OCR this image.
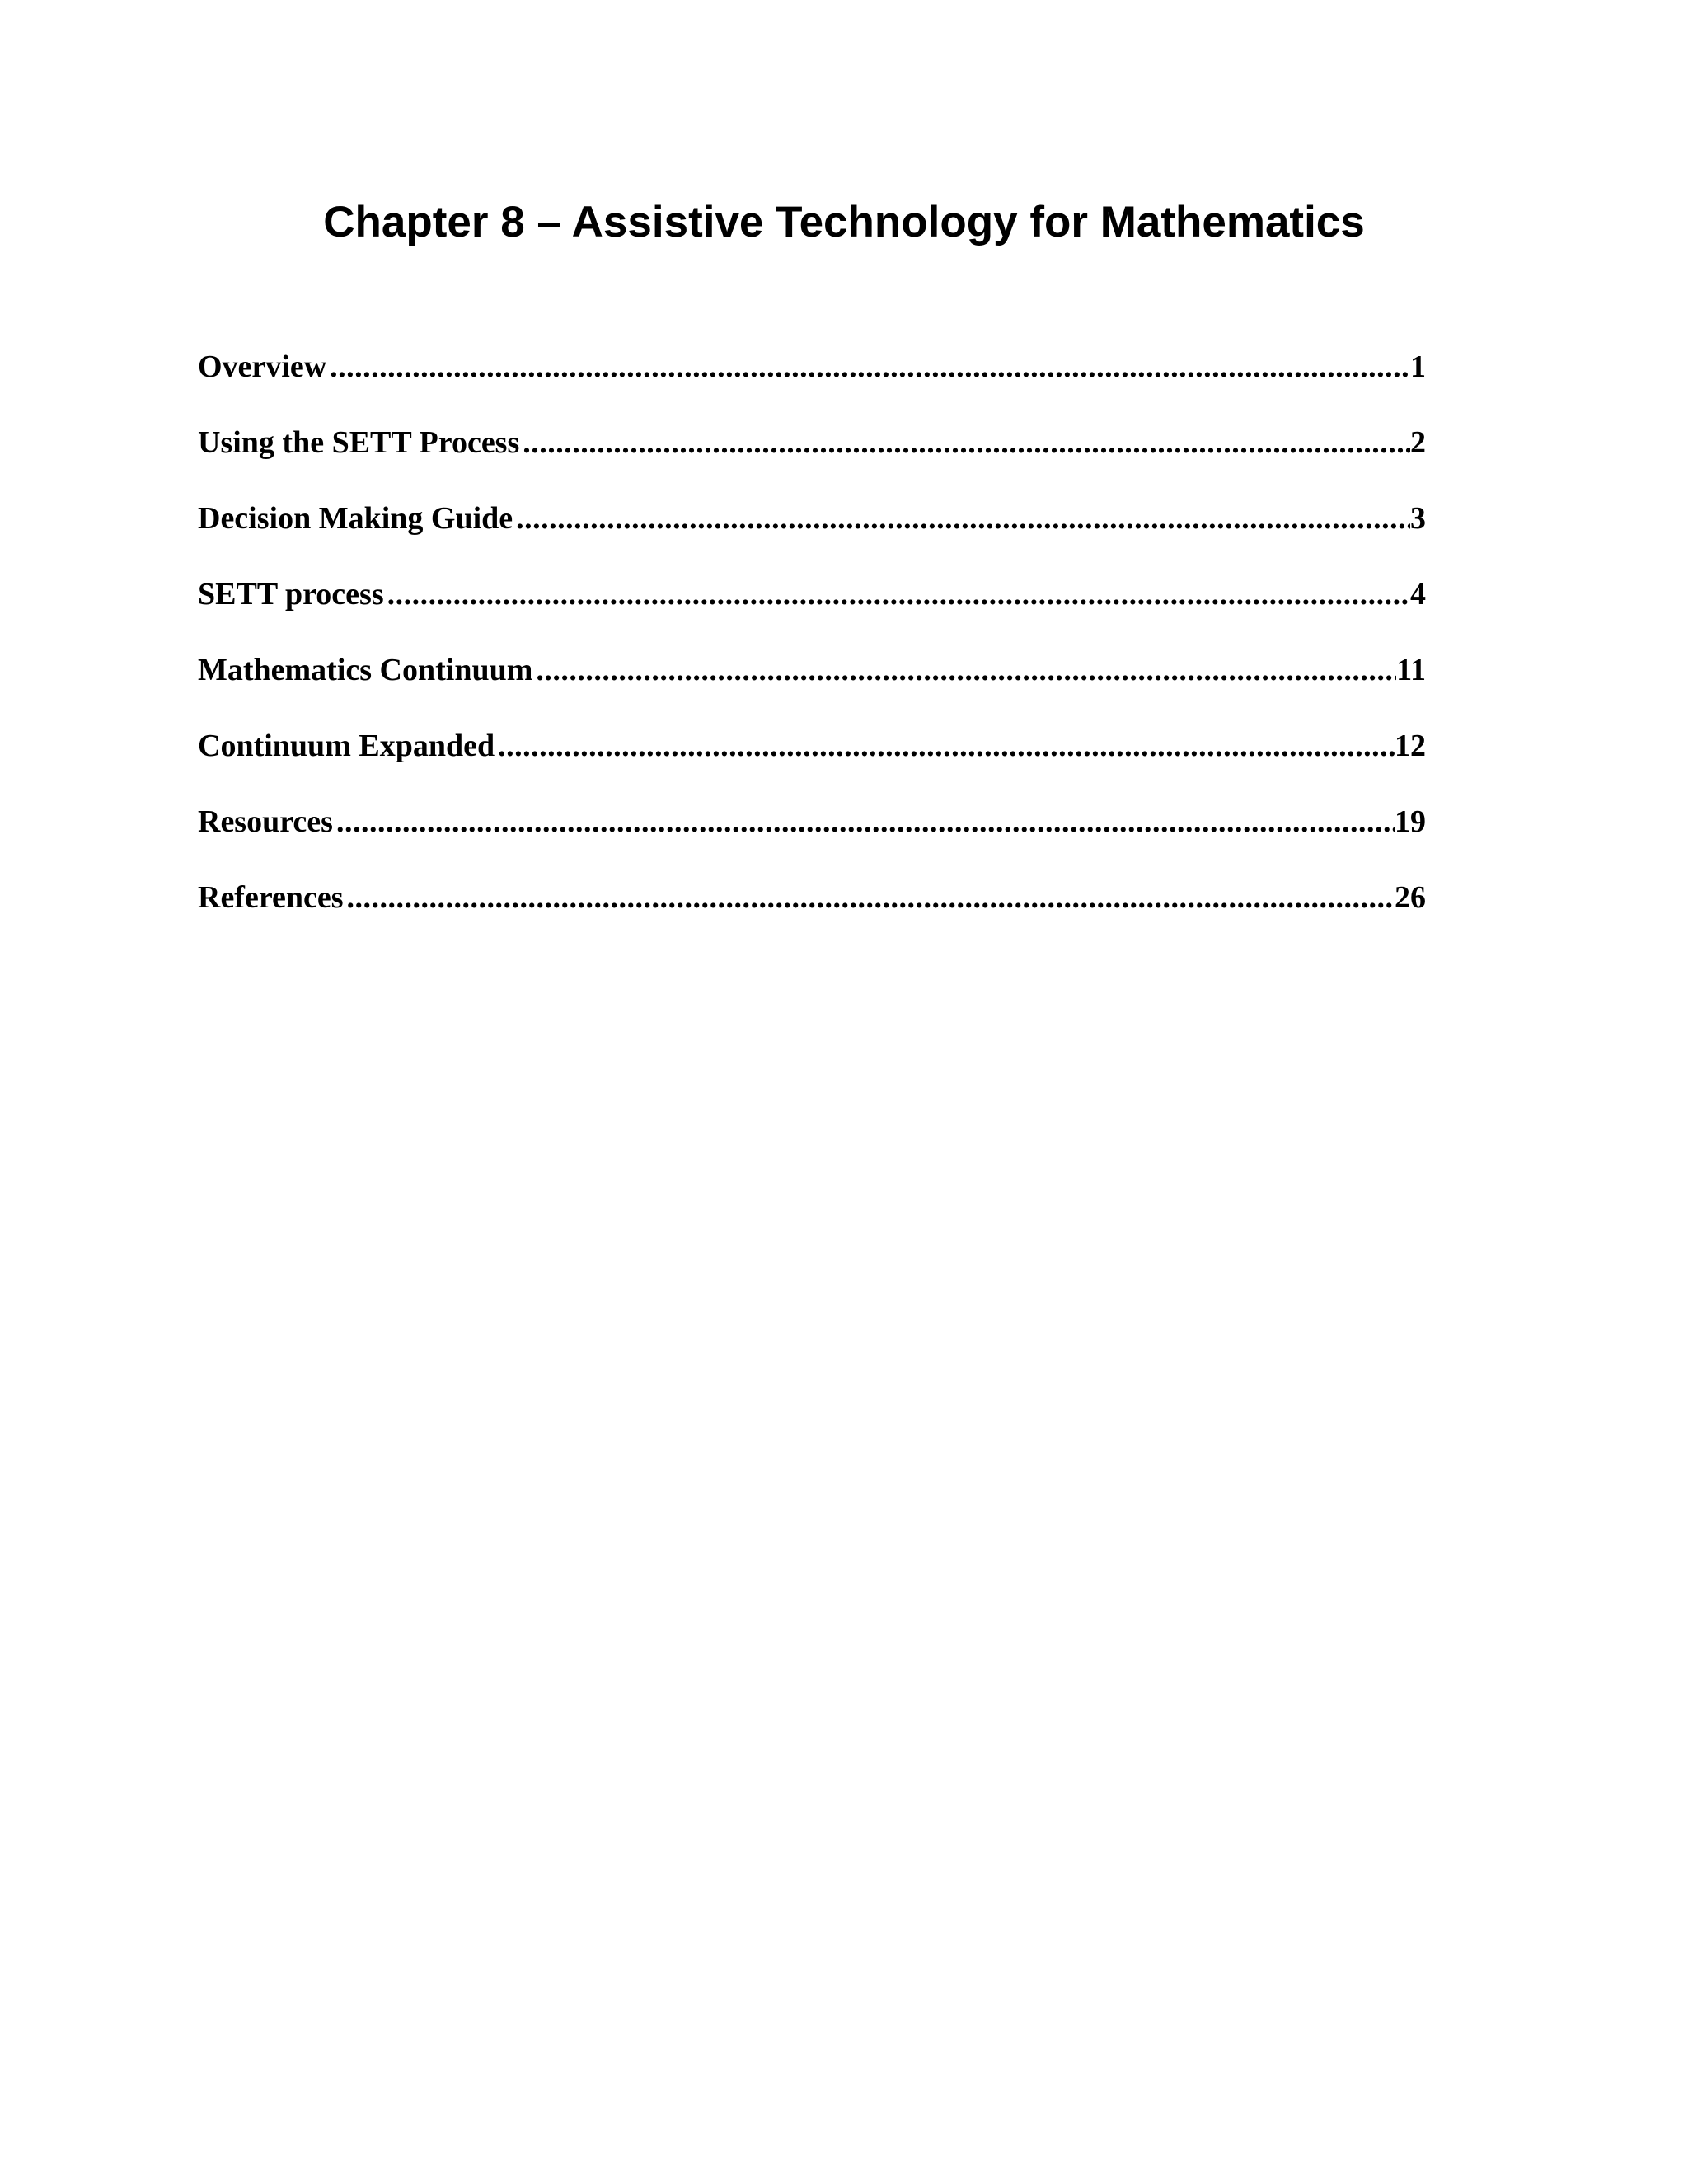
Chapter 8 – Assistive Technology for Mathematics
Overview .....	1
Using the SETT Process .....	2
Decision Making Guide .....	3
SETT process .....	4
Mathematics Continuum .....	11
Continuum Expanded .....	12
Resources .....	19
References .....	26
